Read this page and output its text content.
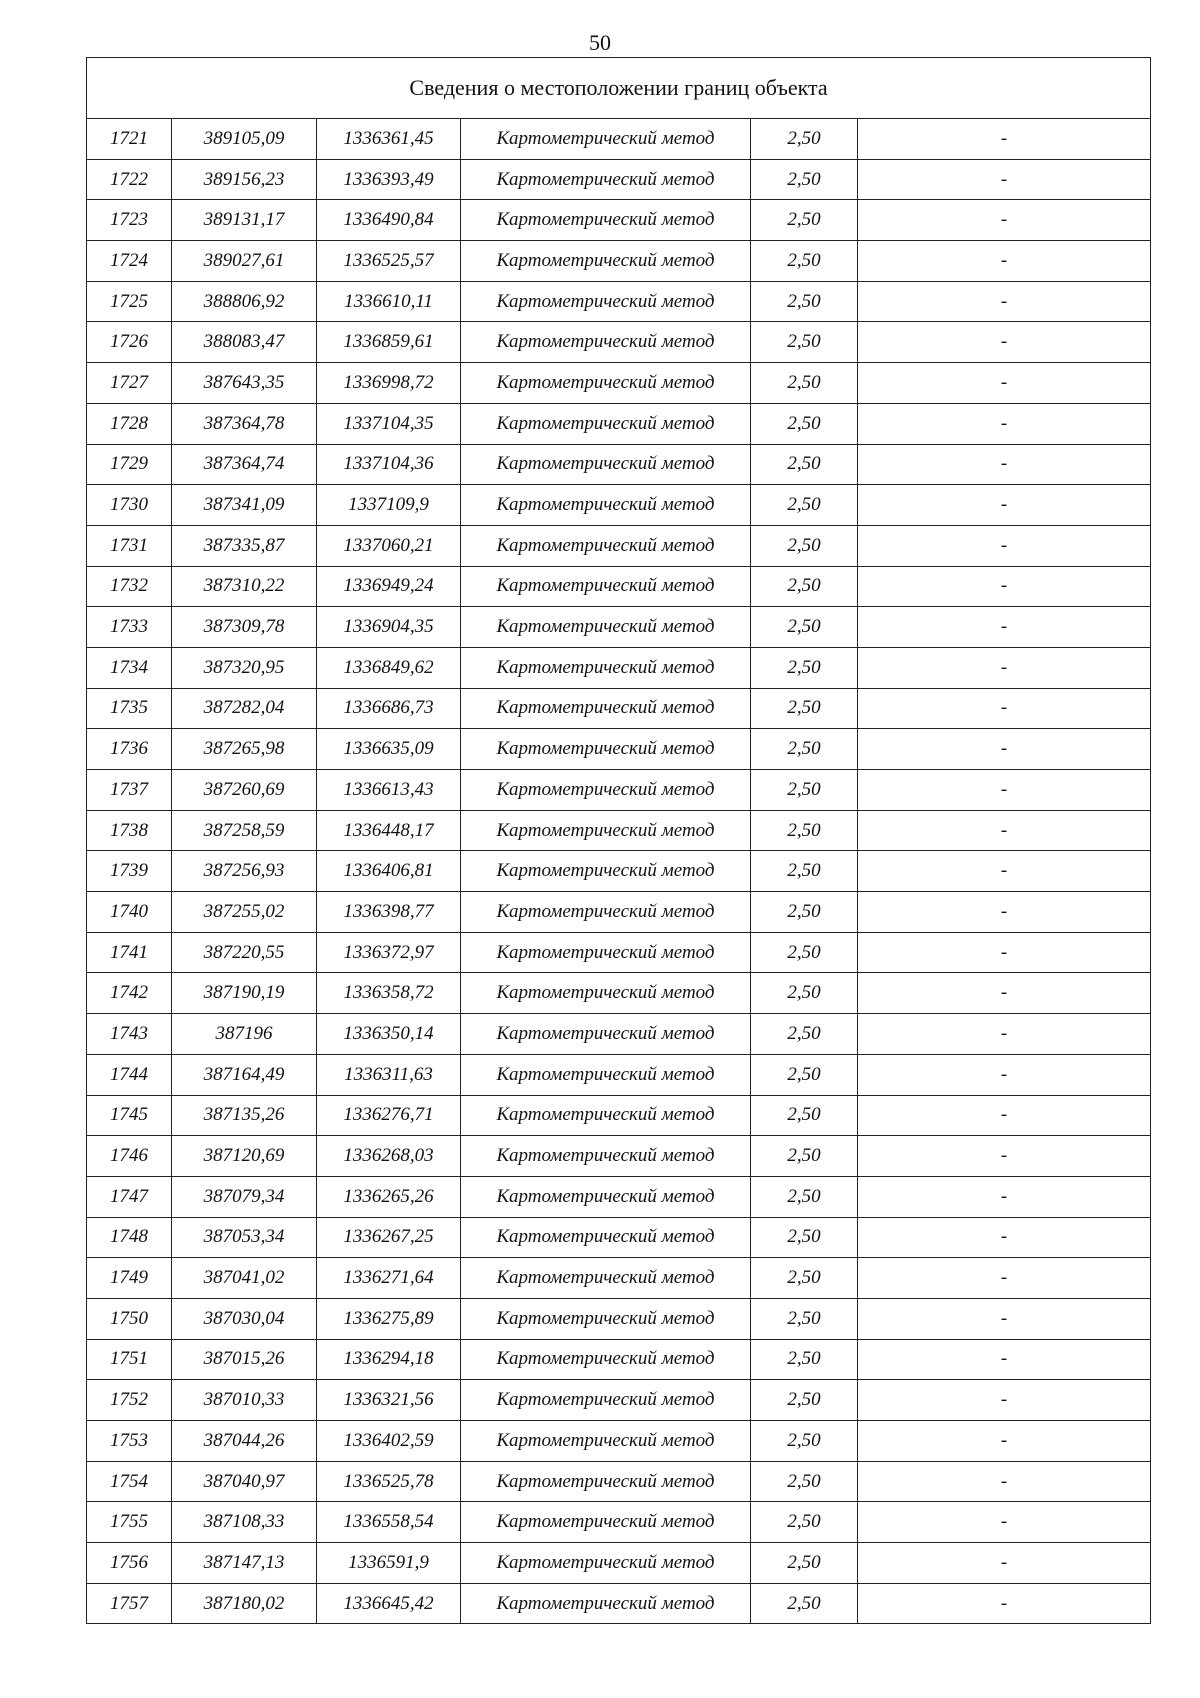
50
Сведения о местоположении границ объекта					
1721	389105,09	1336361,45	Картометрический метод	2,50	-
1722	389156,23	1336393,49	Картометрический метод	2,50	-
1723	389131,17	1336490,84	Картометрический метод	2,50	-
1724	389027,61	1336525,57	Картометрический метод	2,50	-
1725	388806,92	1336610,11	Картометрический метод	2,50	-
1726	388083,47	1336859,61	Картометрический метод	2,50	-
1727	387643,35	1336998,72	Картометрический метод	2,50	-
1728	387364,78	1337104,35	Картометрический метод	2,50	-
1729	387364,74	1337104,36	Картометрический метод	2,50	-
1730	387341,09	1337109,9	Картометрический метод	2,50	-
1731	387335,87	1337060,21	Картометрический метод	2,50	-
1732	387310,22	1336949,24	Картометрический метод	2,50	-
1733	387309,78	1336904,35	Картометрический метод	2,50	-
1734	387320,95	1336849,62	Картометрический метод	2,50	-
1735	387282,04	1336686,73	Картометрический метод	2,50	-
1736	387265,98	1336635,09	Картометрический метод	2,50	-
1737	387260,69	1336613,43	Картометрический метод	2,50	-
1738	387258,59	1336448,17	Картометрический метод	2,50	-
1739	387256,93	1336406,81	Картометрический метод	2,50	-
1740	387255,02	1336398,77	Картометрический метод	2,50	-
1741	387220,55	1336372,97	Картометрический метод	2,50	-
1742	387190,19	1336358,72	Картометрический метод	2,50	-
1743	387196	1336350,14	Картометрический метод	2,50	-
1744	387164,49	1336311,63	Картометрический метод	2,50	-
1745	387135,26	1336276,71	Картометрический метод	2,50	-
1746	387120,69	1336268,03	Картометрический метод	2,50	-
1747	387079,34	1336265,26	Картометрический метод	2,50	-
1748	387053,34	1336267,25	Картометрический метод	2,50	-
1749	387041,02	1336271,64	Картометрический метод	2,50	-
1750	387030,04	1336275,89	Картометрический метод	2,50	-
1751	387015,26	1336294,18	Картометрический метод	2,50	-
1752	387010,33	1336321,56	Картометрический метод	2,50	-
1753	387044,26	1336402,59	Картометрический метод	2,50	-
1754	387040,97	1336525,78	Картометрический метод	2,50	-
1755	387108,33	1336558,54	Картометрический метод	2,50	-
1756	387147,13	1336591,9	Картометрический метод	2,50	-
1757	387180,02	1336645,42	Картометрический метод	2,50	-
